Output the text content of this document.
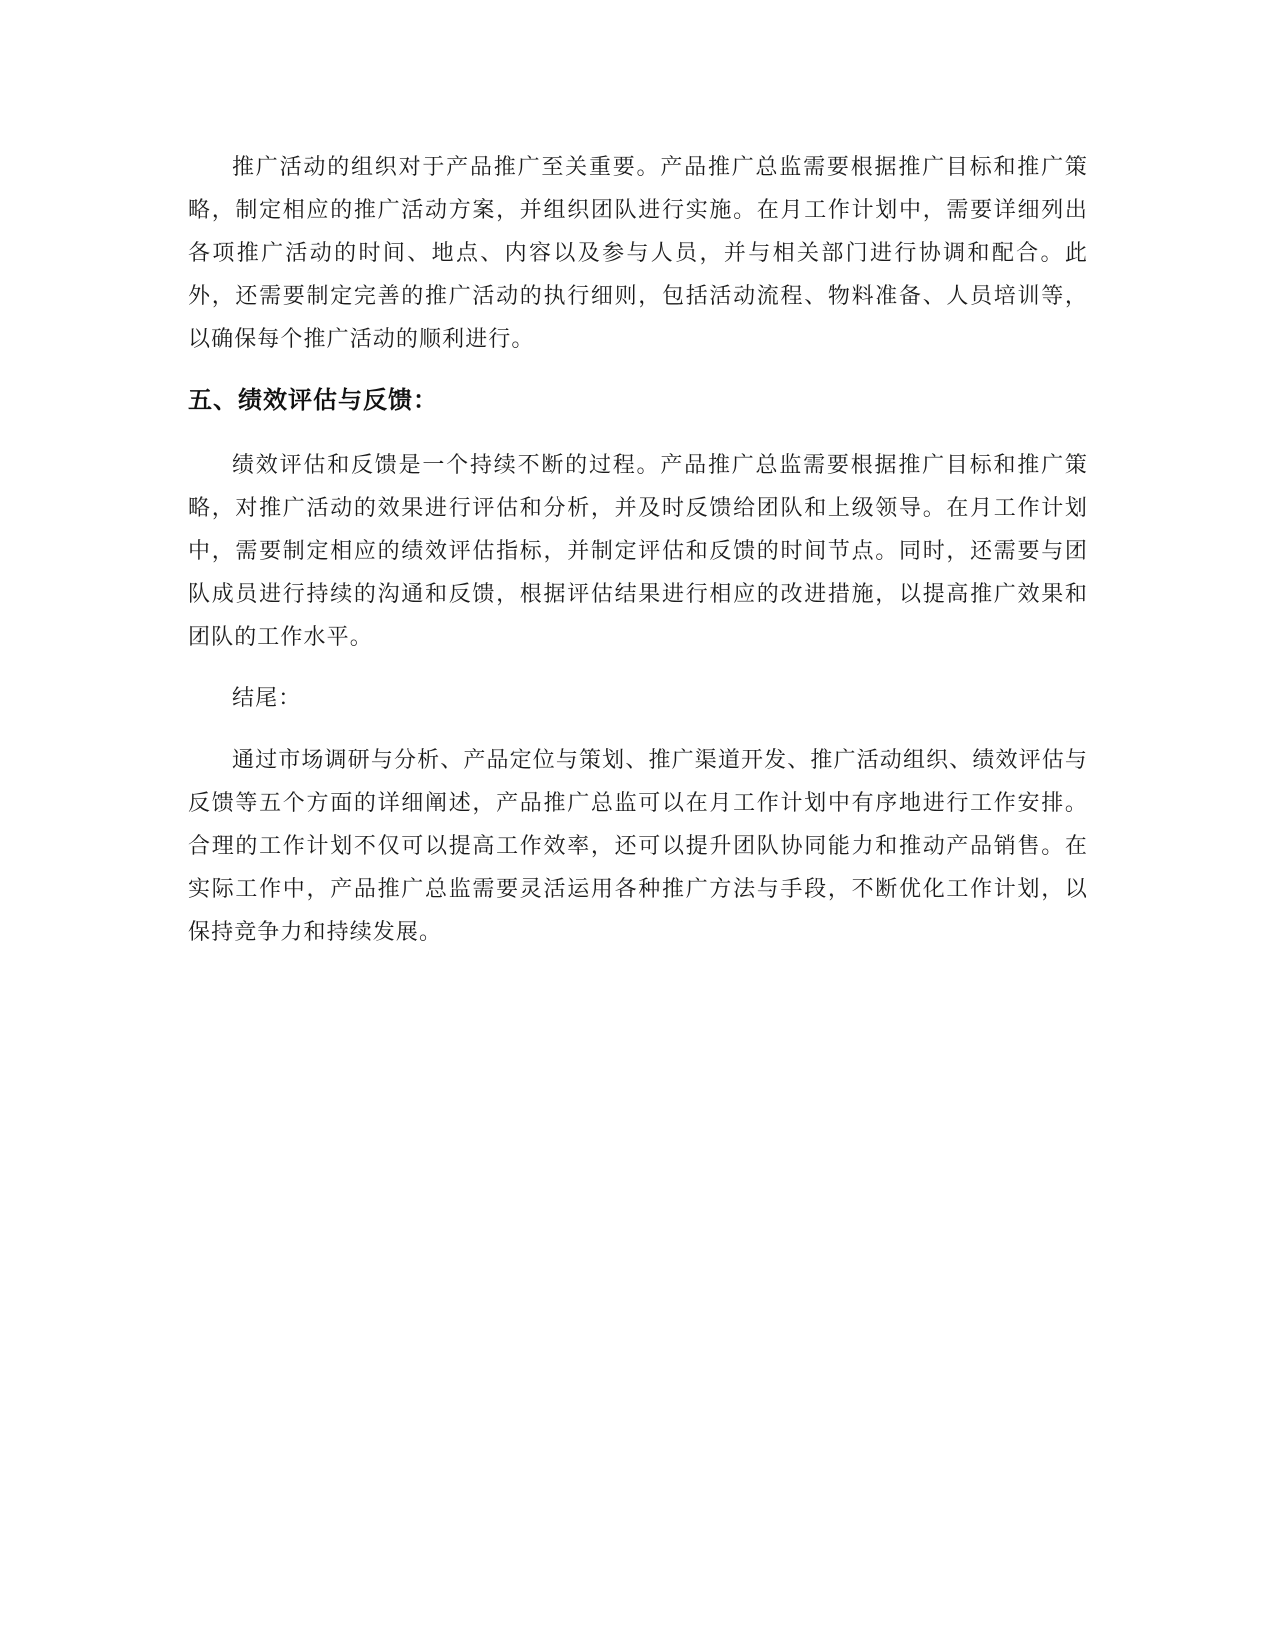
推广活动的组织对于产品推广至关重要。产品推广总监需要根据推广目标和推广策略，制定相应的推广活动方案，并组织团队进行实施。在月工作计划中，需要详细列出各项推广活动的时间、地点、内容以及参与人员，并与相关部门进行协调和配合。此外，还需要制定完善的推广活动的执行细则，包括活动流程、物料准备、人员培训等，以确保每个推广活动的顺利进行。

五、绩效评估与反馈：

绩效评估和反馈是一个持续不断的过程。产品推广总监需要根据推广目标和推广策略，对推广活动的效果进行评估和分析，并及时反馈给团队和上级领导。在月工作计划中，需要制定相应的绩效评估指标，并制定评估和反馈的时间节点。同时，还需要与团队成员进行持续的沟通和反馈，根据评估结果进行相应的改进措施，以提高推广效果和团队的工作水平。

结尾：

通过市场调研与分析、产品定位与策划、推广渠道开发、推广活动组织、绩效评估与反馈等五个方面的详细阐述，产品推广总监可以在月工作计划中有序地进行工作安排。合理的工作计划不仅可以提高工作效率，还可以提升团队协同能力和推动产品销售。在实际工作中，产品推广总监需要灵活运用各种推广方法与手段，不断优化工作计划，以保持竞争力和持续发展。
